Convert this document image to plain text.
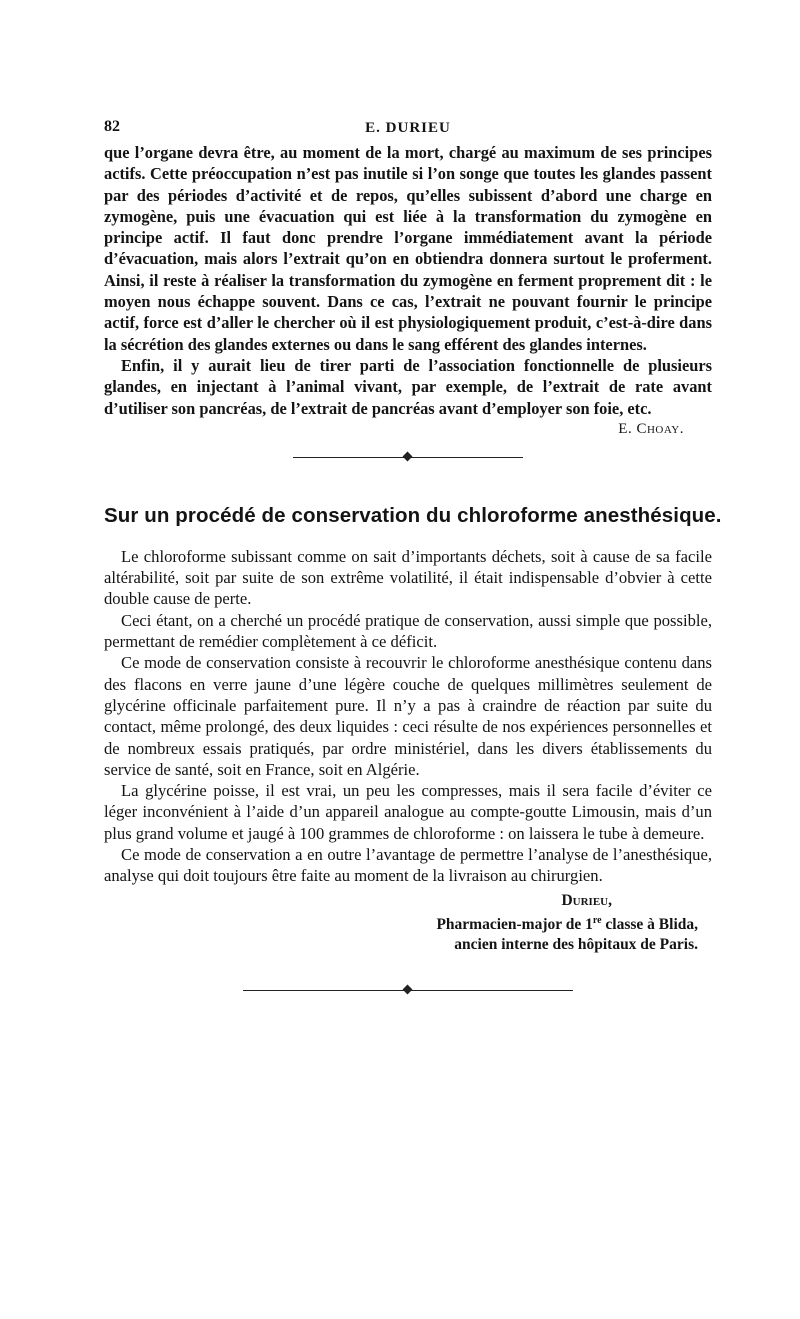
82	E. DURIEU

que l’organe devra être, au moment de la mort, chargé au maximum de ses principes actifs. Cette préoccupation n’est pas inutile si l’on songe que toutes les glandes passent par des périodes d’activité et de repos, qu’elles subissent d’abord une charge en zymogène, puis une évacuation qui est liée à la transformation du zymogène en principe actif. Il faut donc prendre l’organe immédiatement avant la période d’évacuation, mais alors l’extrait qu’on en obtiendra donnera surtout le proferment. Ainsi, il reste à réaliser la transformation du zymogène en ferment proprement dit : le moyen nous échappe souvent. Dans ce cas, l’extrait ne pouvant fournir le principe actif, force est d’aller le chercher où il est physiologiquement produit, c’est-à-dire dans la sécrétion des glandes externes ou dans le sang efférent des glandes internes.

Enfin, il y aurait lieu de tirer parti de l’association fonctionnelle de plusieurs glandes, en injectant à l’animal vivant, par exemple, de l’extrait de rate avant d’utiliser son pancréas, de l’extrait de pancréas avant d’employer son foie, etc.

E. Choay.
Sur un procédé de conservation du chloroforme anesthésique.

Le chloroforme subissant comme on sait d’importants déchets, soit à cause de sa facile altérabilité, soit par suite de son extrême volatilité, il était indispensable d’obvier à cette double cause de perte.

Ceci étant, on a cherché un procédé pratique de conservation, aussi simple que possible, permettant de remédier complètement à ce déficit.

Ce mode de conservation consiste à recouvrir le chloroforme anesthésique contenu dans des flacons en verre jaune d’une légère couche de quelques millimètres seulement de glycérine officinale parfaitement pure. Il n’y a pas à craindre de réaction par suite du contact, même prolongé, des deux liquides : ceci résulte de nos expériences personnelles et de nombreux essais pratiqués, par ordre ministériel, dans les divers établissements du service de santé, soit en France, soit en Algérie.

La glycérine poisse, il est vrai, un peu les compresses, mais il sera facile d’éviter ce léger inconvénient à l’aide d’un appareil analogue au compte-goutte Limousin, mais d’un plus grand volume et jaugé à 100 grammes de chloroforme : on laissera le tube à demeure.

Ce mode de conservation a en outre l’avantage de permettre l’analyse de l’anesthésique, analyse qui doit toujours être faite au moment de la livraison au chirurgien.

Durieu,
Pharmacien-major de 1re classe à Blida,
ancien interne des hôpitaux de Paris.
